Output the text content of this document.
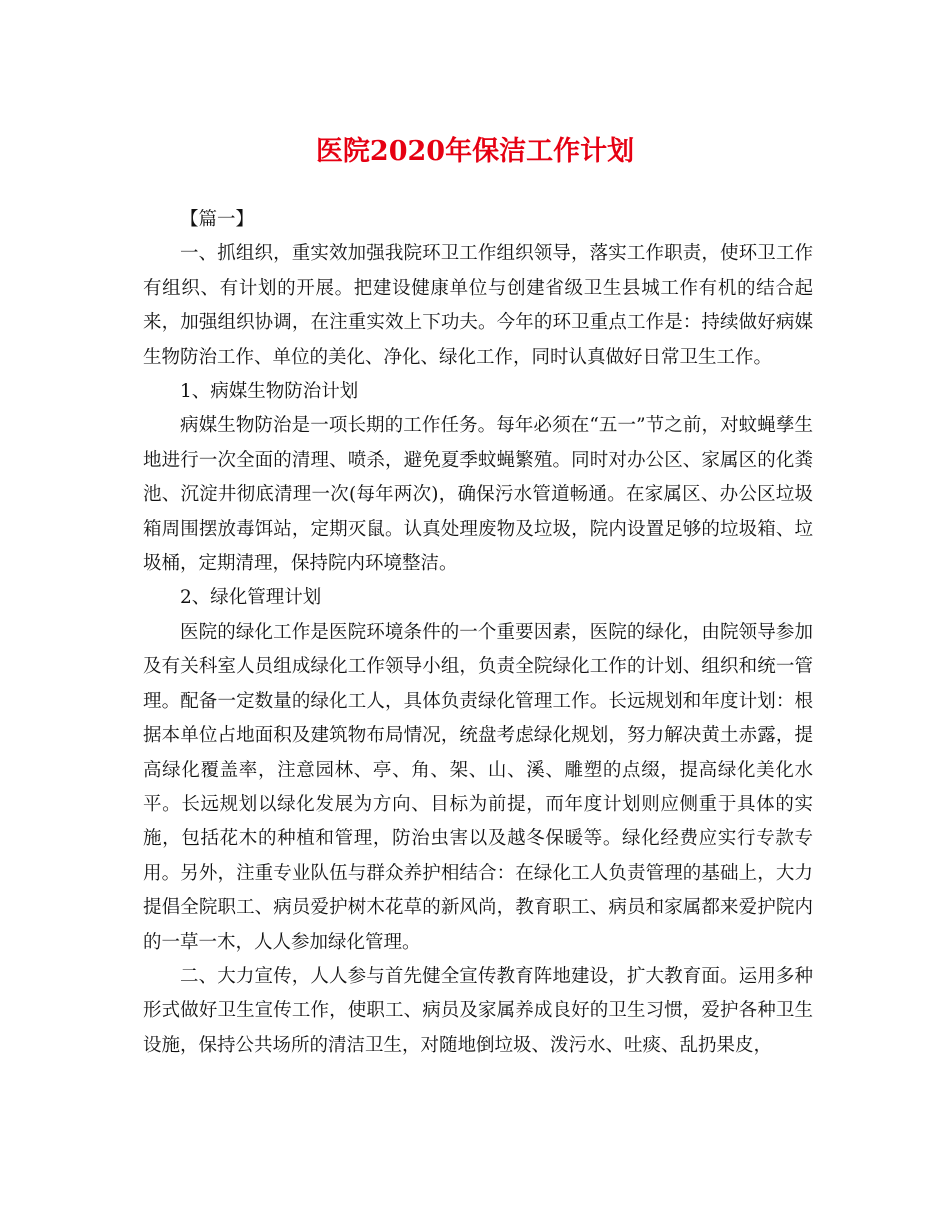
医院2020年保洁工作计划

【篇一】

一、抓组织，重实效加强我院环卫工作组织领导，落实工作职责，使环卫工作有组织、有计划的开展。把建设健康单位与创建省级卫生县城工作有机的结合起来，加强组织协调，在注重实效上下功夫。今年的环卫重点工作是：持续做好病媒生物防治工作、单位的美化、净化、绿化工作，同时认真做好日常卫生工作。

1、病媒生物防治计划

病媒生物防治是一项长期的工作任务。每年必须在“五一”节之前，对蚊蝇孳生地进行一次全面的清理、喷杀，避免夏季蚊蝇繁殖。同时对办公区、家属区的化粪池、沉淀井彻底清理一次(每年两次)，确保污水管道畅通。在家属区、办公区垃圾箱周围摆放毒饵站，定期灭鼠。认真处理废物及垃圾，院内设置足够的垃圾箱、垃圾桶，定期清理，保持院内环境整洁。

2、绿化管理计划

医院的绿化工作是医院环境条件的一个重要因素，医院的绿化，由院领导参加及有关科室人员组成绿化工作领导小组，负责全院绿化工作的计划、组织和统一管理。配备一定数量的绿化工人，具体负责绿化管理工作。长远规划和年度计划：根据本单位占地面积及建筑物布局情况，统盘考虑绿化规划，努力解决黄土赤露，提高绿化覆盖率，注意园林、亭、角、架、山、溪、雕塑的点缀，提高绿化美化水平。长远规划以绿化发展为方向、目标为前提，而年度计划则应侧重于具体的实施，包括花木的种植和管理，防治虫害以及越冬保暖等。绿化经费应实行专款专用。另外，注重专业队伍与群众养护相结合：在绿化工人负责管理的基础上，大力提倡全院职工、病员爱护树木花草的新风尚，教育职工、病员和家属都来爱护院内的一草一木，人人参加绿化管理。

二、大力宣传，人人参与首先健全宣传教育阵地建设，扩大教育面。运用多种形式做好卫生宣传工作，使职工、病员及家属养成良好的卫生习惯，爱护各种卫生设施，保持公共场所的清洁卫生，对随地倒垃圾、泼污水、吐痰、乱扔果皮，
